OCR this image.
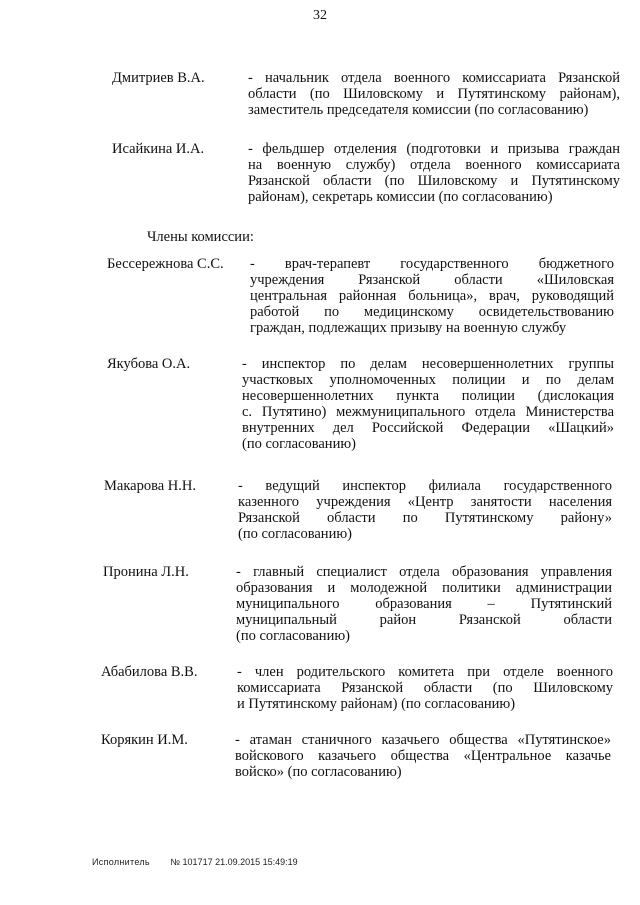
32
Дмитриев В.А.	- начальник отдела военного комиссариата Рязанской
области (по Шиловскому и Путятинскому районам),
заместитель председателя комиссии (по согласованию)
Исайкина И.А.	- фельдшер отделения (подготовки и призыва граждан
на военную службу) отдела военного комиссариата
Рязанской области (по Шиловскому и Путятинскому
районам), секретарь комиссии (по согласованию)
Члены комиссии:
Бессережнова С.С. - врач-терапевт государственного бюджетного
учреждения Рязанской области «Шиловская
центральная районная больница», врач, руководящий
работой по медицинскому освидетельствованию
граждан, подлежащих призыву на военную службу
Якубова О.А.	- инспектор по делам несовершеннолетних группы
участковых уполномоченных полиции и по делам
несовершеннолетних пункта полиции (дислокация
с. Путятино) межмуниципального отдела Министерства
внутренних дел Российской Федерации «Шацкий»
(по согласованию)
Макарова Н.Н.	- ведущий инспектор филиала государственного
казенного учреждения «Центр занятости населения
Рязанской области по Путятинскому району»
(по согласованию)
Пронина Л.Н.	- главный специалист отдела образования управления
образования и молодежной политики администрации
муниципального образования – Путятинский
муниципальный район Рязанской области
(по согласованию)
Абабилова В.В.	- член родительского комитета при отделе военного
комиссариата Рязанской области (по Шиловскому
и Путятинскому районам) (по согласованию)
Корякин И.М.	- атаман станичного казачьего общества «Путятинское»
войскового казачьего общества «Центральное казачье
войско» (по согласованию)
Исполнитель № 101717 21.09.2015 15:49:19
